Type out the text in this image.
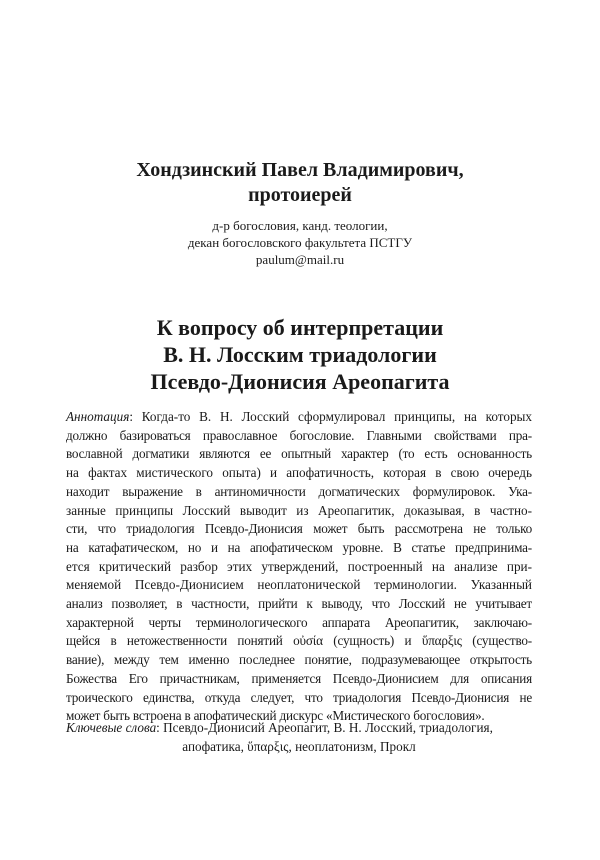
Хондзинский Павел Владимирович,
протоиерей
д-р богословия, канд. теологии,
декан богословского факультета ПСТГУ
paulum@mail.ru
К вопросу об интерпретации
В. Н. Лосским триадологии
Псевдо-Дионисия Ареопагита
Аннотация: Когда-то В. Н. Лосский сформулировал принципы, на которых
должно базироваться православное богословие. Главными свойствами пра-
вославной догматики являются ее опытный характер (то есть основанность
на фактах мистического опыта) и апофатичность, которая в свою очередь
находит выражение в антиномичности догматических формулировок. Ука-
занные принципы Лосский выводит из Ареопагитик, доказывая, в частно-
сти, что триадология Псевдо-Дионисия может быть рассмотрена не только
на катафатическом, но и на апофатическом уровне. В статье предпринима-
ется критический разбор этих утверждений, построенный на анализе при-
меняемой Псевдо-Дионисием неоплатонической терминологии. Указанный
анализ позволяет, в частности, прийти к выводу, что Лосский не учитывает
характерной черты терминологического аппарата Ареопагитик, заключаю-
щейся в нетожественности понятий οὐσία (сущность) и ὕπαρξις (существо-
вание), между тем именно последнее понятие, подразумевающее открытость
Божества Его причастникам, применяется Псевдо-Дионисием для описания
троического единства, откуда следует, что триадология Псевдо-Дионисия не
может быть встроена в апофатический дискурс «Мистического богословия».
Ключевые слова: Псевдо-Дионисий Ареопагит, В. Н. Лосский, триадология,
апофатика, ὕπαρξις, неоплатонизм, Прокл
